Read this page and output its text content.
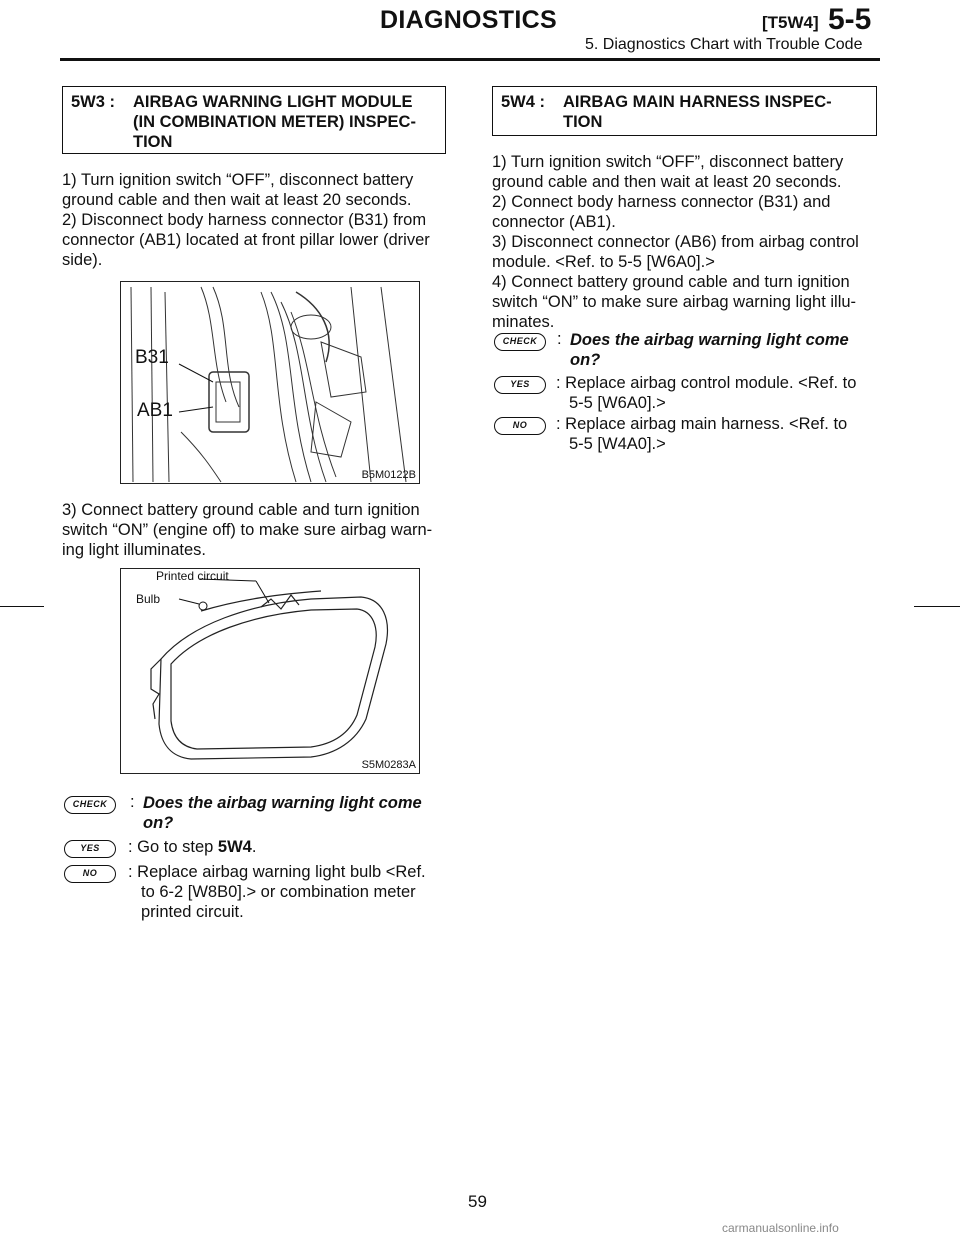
DIAGNOSTICS	[T5W4] 5-5
5. Diagnostics Chart with Trouble Code
5W3 : AIRBAG WARNING LIGHT MODULE
(IN COMBINATION METER) INSPEC-
TION
1) Turn ignition switch “OFF”, disconnect battery
ground cable and then wait at least 20 seconds.
2) Disconnect body harness connector (B31) from
connector (AB1) located at front pillar lower (driver
side).
B31
AB1
B5M0122B
3) Connect battery ground cable and turn ignition
switch “ON” (engine off) to make sure airbag warn-
ing light illuminates.
Printed circuit
Bulb
S5M0283A
CHECK	: Does the airbag warning light come
on?
YES	: Go to step 5W4.
NO	: Replace airbag warning light bulb <Ref.
to 6-2 [W8B0].> or combination meter
printed circuit.
5W4 : AIRBAG MAIN HARNESS INSPEC-
TION
1) Turn ignition switch “OFF”, disconnect battery
ground cable and then wait at least 20 seconds.
2) Connect body harness connector (B31) and
connector (AB1).
3) Disconnect connector (AB6) from airbag control
module. <Ref. to 5-5 [W6A0].>
4) Connect battery ground cable and turn ignition
switch “ON” to make sure airbag warning light illu-
minates.
CHECK	: Does the airbag warning light come
on?
YES	: Replace airbag control module. <Ref. to
5-5 [W6A0].>
NO	: Replace airbag main harness. <Ref. to
5-5 [W4A0].>
59
carmanualsonline.info
